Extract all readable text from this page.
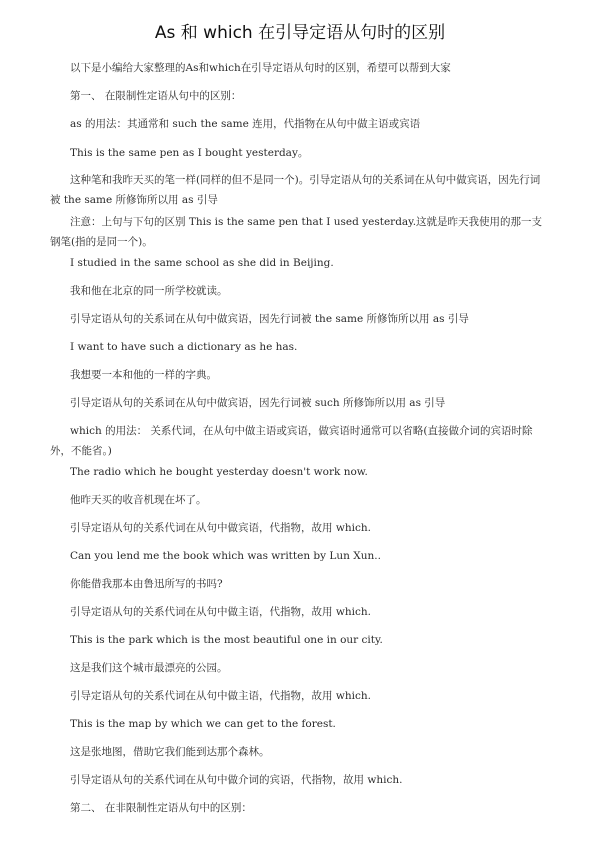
As 和 which 在引导定语从句时的区别
以下是小编给大家整理的As和which在引导定语从句时的区别，希望可以帮到大家
第一、 在限制性定语从句中的区别：
as 的用法：其通常和 such the same 连用，代指物在从句中做主语或宾语
This is the same pen as I bought yesterday。
这种笔和我昨天买的笔一样(同样的但不是同一个)。引导定语从句的关系词在从句中做宾语，因先行词被 the same 所修饰所以用 as 引导
注意：上句与下句的区别 This is the same pen that I used yesterday.这就是昨天我使用的那一支钢笔(指的是同一个)。
I studied in the same school as she did in Beijing.
我和他在北京的同一所学校就读。
引导定语从句的关系词在从句中做宾语，因先行词被 the same 所修饰所以用 as 引导
I want to have such a dictionary as he has.
我想要一本和他的一样的字典。
引导定语从句的关系词在从句中做宾语，因先行词被 such 所修饰所以用 as 引导
which 的用法： 关系代词，在从句中做主语或宾语，做宾语时通常可以省略(直接做介词的宾语时除外，不能省。)
The radio which he bought yesterday doesn't work now.
他昨天买的收音机现在坏了。
引导定语从句的关系代词在从句中做宾语，代指物，故用 which.
Can you lend me the book which was written by Lun Xun..
你能借我那本由鲁迅所写的书吗?
引导定语从句的关系代词在从句中做主语，代指物，故用 which.
This is the park which is the most beautiful one in our city.
这是我们这个城市最漂亮的公园。
引导定语从句的关系代词在从句中做主语，代指物，故用 which.
This is the map by which we can get to the forest.
这是张地图，借助它我们能到达那个森林。
引导定语从句的关系代词在从句中做介词的宾语，代指物，故用 which.
第二、 在非限制性定语从句中的区别：
